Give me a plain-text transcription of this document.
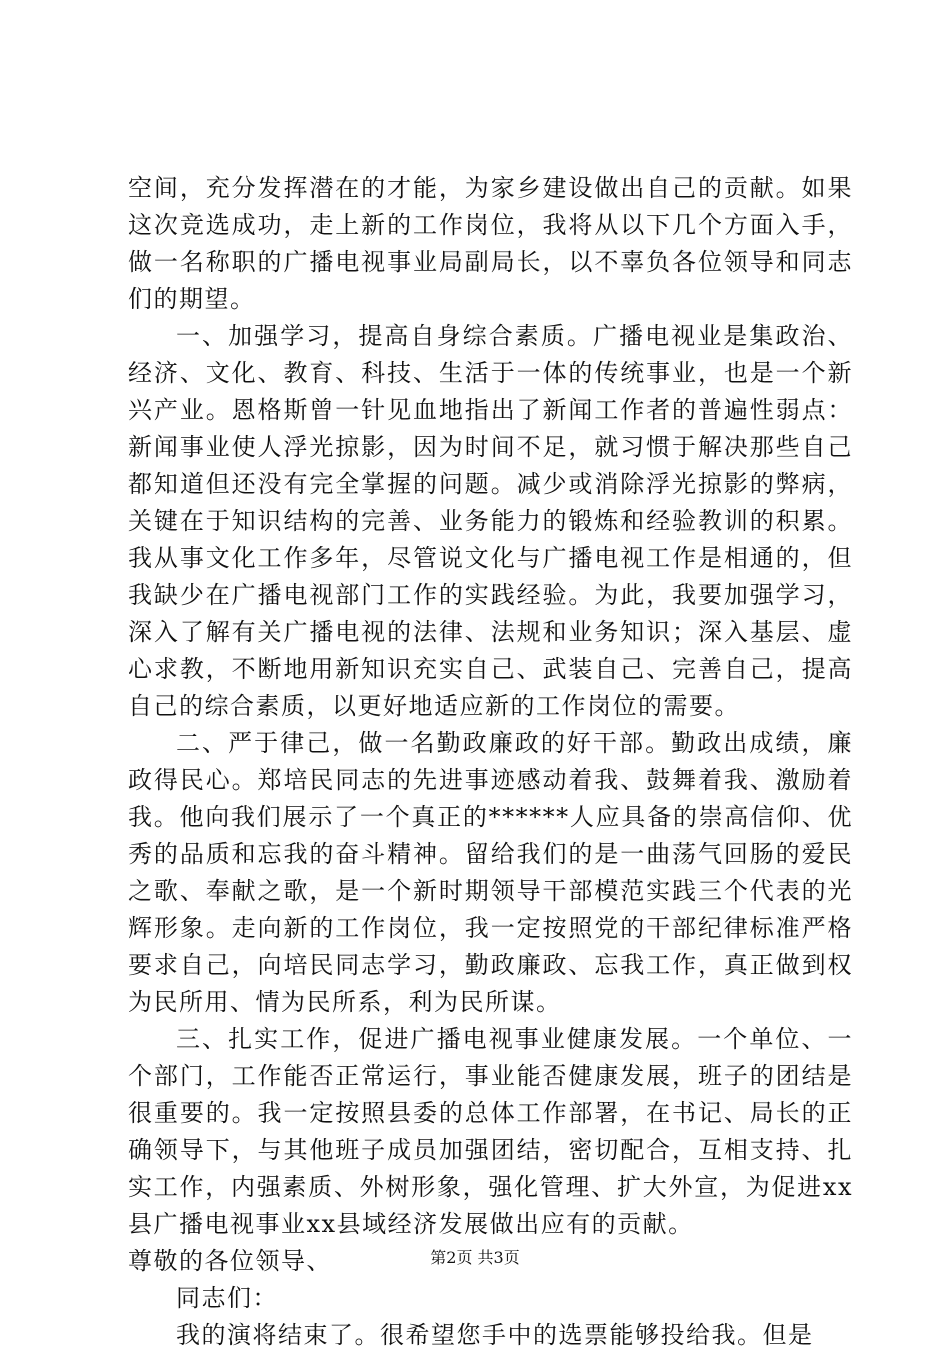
空间，充分发挥潜在的才能，为家乡建设做出自己的贡献。如果这次竞选成功，走上新的工作岗位，我将从以下几个方面入手，做一名称职的广播电视事业局副局长，以不辜负各位领导和同志们的期望。

一、加强学习，提高自身综合素质。广播电视业是集政治、经济、文化、教育、科技、生活于一体的传统事业，也是一个新兴产业。恩格斯曾一针见血地指出了新闻工作者的普遍性弱点：新闻事业使人浮光掠影，因为时间不足，就习惯于解决那些自己都知道但还没有完全掌握的问题。减少或消除浮光掠影的弊病，关键在于知识结构的完善、业务能力的锻炼和经验教训的积累。我从事文化工作多年，尽管说文化与广播电视工作是相通的，但我缺少在广播电视部门工作的实践经验。为此，我要加强学习，深入了解有关广播电视的法律、法规和业务知识；深入基层、虚心求教，不断地用新知识充实自己、武装自己、完善自己，提高自己的综合素质，以更好地适应新的工作岗位的需要。

二、严于律己，做一名勤政廉政的好干部。勤政出成绩，廉政得民心。郑培民同志的先进事迹感动着我、鼓舞着我、激励着我。他向我们展示了一个真正的******人应具备的崇高信仰、优秀的品质和忘我的奋斗精神。留给我们的是一曲荡气回肠的爱民之歌、奉献之歌，是一个新时期领导干部模范实践三个代表的光辉形象。走向新的工作岗位，我一定按照党的干部纪律标准严格要求自己，向培民同志学习，勤政廉政、忘我工作，真正做到权为民所用、情为民所系，利为民所谋。

三、扎实工作，促进广播电视事业健康发展。一个单位、一个部门，工作能否正常运行，事业能否健康发展，班子的团结是很重要的。我一定按照县委的总体工作部署，在书记、局长的正确领导下，与其他班子成员加强团结，密切配合，互相支持、扎实工作，内强素质、外树形象，强化管理、扩大外宣，为促进xx县广播电视事业xx县域经济发展做出应有的贡献。

尊敬的各位领导、

同志们：

我的演将结束了。很希望您手中的选票能够投给我。但是

第2页 共3页
